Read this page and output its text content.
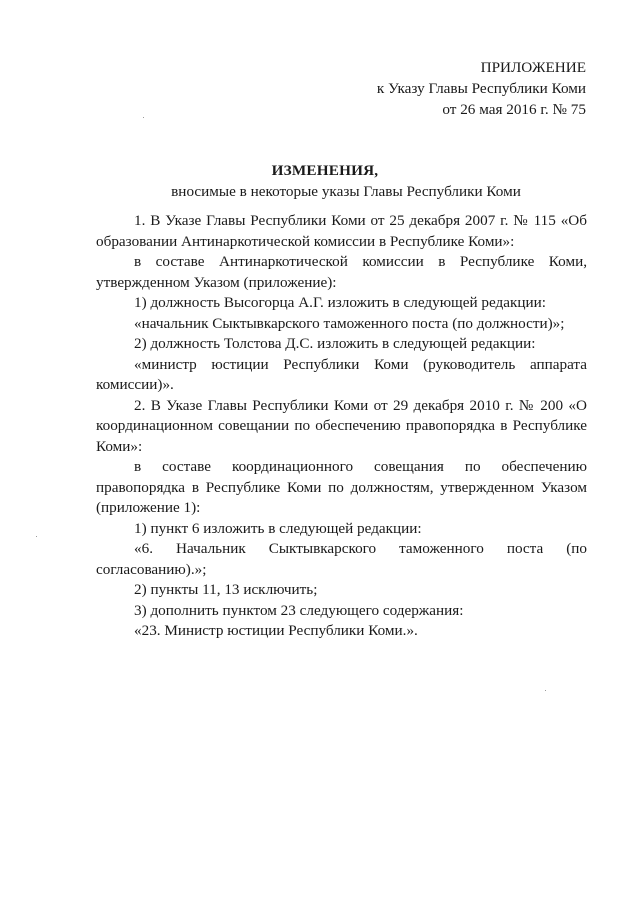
ПРИЛОЖЕНИЕ
к Указу Главы Республики Коми
от 26 мая 2016 г. № 75
ИЗМЕНЕНИЯ,
вносимые в некоторые указы Главы Республики Коми

1. В Указе Главы Республики Коми от 25 декабря 2007 г. № 115 «Об образовании Антинаркотической комиссии в Республике Коми»:

в составе Антинаркотической комиссии в Республике Коми, утвержденном Указом (приложение):

1) должность Высогорца А.Г. изложить в следующей редакции:

«начальник Сыктывкарского таможенного поста (по должности)»;

2) должность Толстова Д.С. изложить в следующей редакции:

«министр юстиции Республики Коми (руководитель аппарата комиссии)».

2. В Указе Главы Республики Коми от 29 декабря 2010 г. № 200 «О координационном совещании по обеспечению правопорядка в Республике Коми»:

в составе координационного совещания по обеспечению правопорядка в Республике Коми по должностям, утвержденном Указом (приложение 1):

1) пункт 6 изложить в следующей редакции:

«6. Начальник Сыктывкарского таможенного поста (по согласованию).»;

2) пункты 11, 13 исключить;

3) дополнить пунктом 23 следующего содержания:

«23. Министр юстиции Республики Коми.».
